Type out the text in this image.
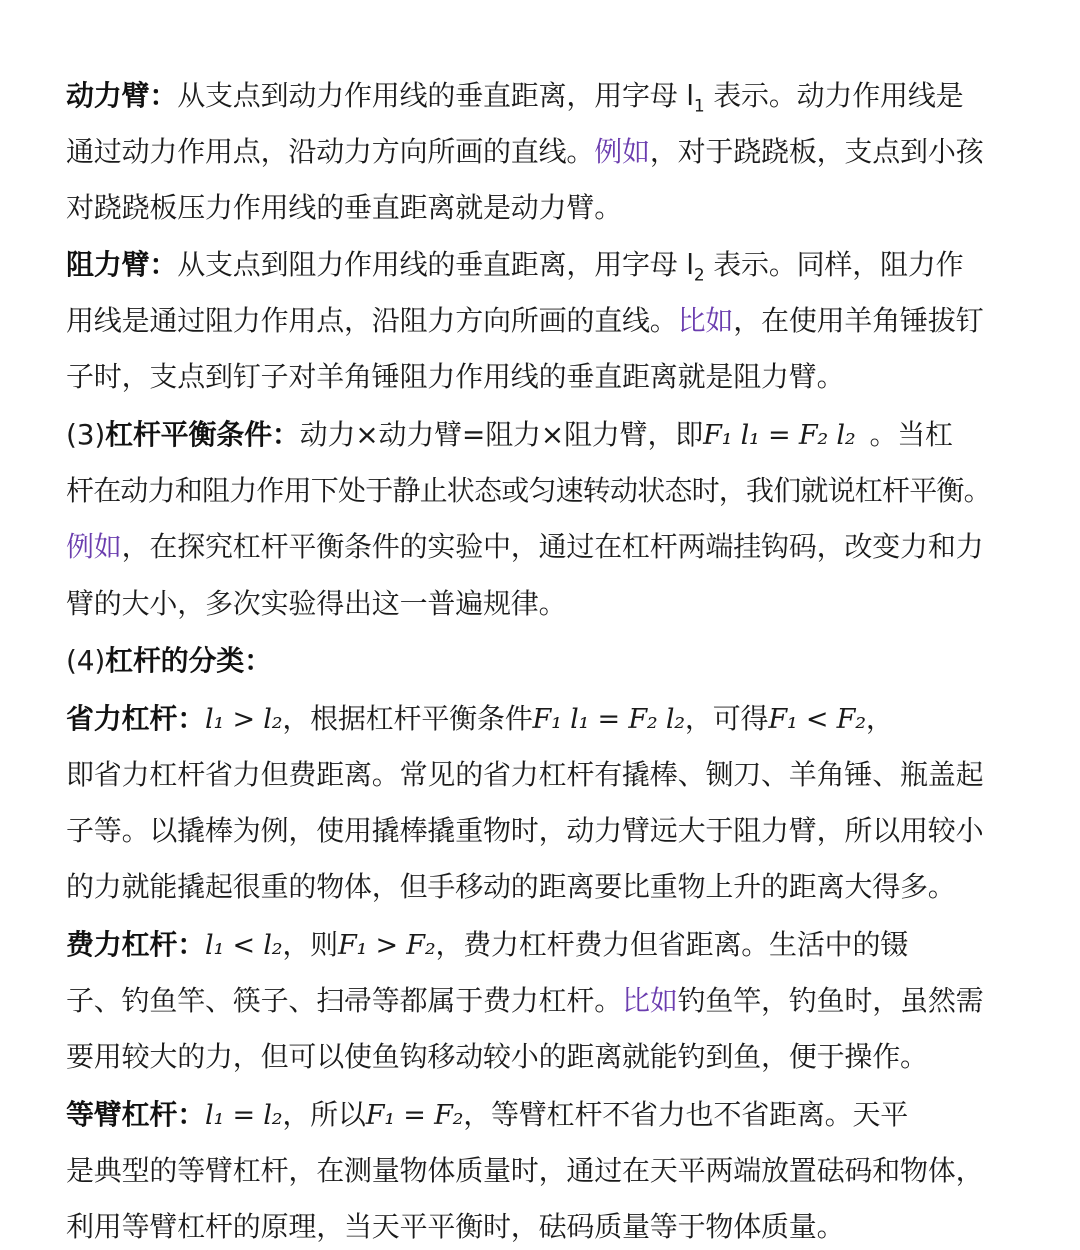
动力臂：从支点到动力作用线的垂直距离，用字母 $l_1$ 表示。动力作用线是
通过动力作用点，沿动力方向所画的直线。例如，对于跷跷板，支点到小孩
对跷跷板压力作用线的垂直距离就是动力臂。
阻力臂：从支点到阻力作用线的垂直距离，用字母 $l_2$ 表示。同样，阻力作
用线是通过阻力作用点，沿阻力方向所画的直线。比如，在使用羊角锤拔钉
子时，支点到钉子对羊角锤阻力作用线的垂直距离就是阻力臂。
(3)杠杆平衡条件：动力×动力臂=阻力×阻力臂，即F₁ l₁ = F₂ l₂ 。当杠
杆在动力和阻力作用下处于静止状态或匀速转动状态时，我们就说杠杆平衡。
例如，在探究杠杆平衡条件的实验中，通过在杠杆两端挂钩码，改变力和力
臂的大小，多次实验得出这一普遍规律。
(4)杠杆的分类：
省力杠杆：l₁ > l₂，根据杠杆平衡条件F₁ l₁ = F₂ l₂，可得F₁ < F₂，
即省力杠杆省力但费距离。常见的省力杠杆有撬棒、铡刀、羊角锤、瓶盖起
子等。以撬棒为例，使用撬棒撬重物时，动力臂远大于阻力臂，所以用较小
的力就能撬起很重的物体，但手移动的距离要比重物上升的距离大得多。
费力杠杆：l₁ < l₂，则F₁ > F₂，费力杠杆费力但省距离。生活中的镊
子、钓鱼竿、筷子、扫帚等都属于费力杠杆。比如钓鱼竿，钓鱼时，虽然需
要用较大的力，但可以使鱼钩移动较小的距离就能钓到鱼，便于操作。
等臂杠杆：l₁ = l₂，所以F₁ = F₂，等臂杠杆不省力也不省距离。天平
是典型的等臂杠杆，在测量物体质量时，通过在天平两端放置砝码和物体，
利用等臂杠杆的原理，当天平平衡时，砝码质量等于物体质量。
